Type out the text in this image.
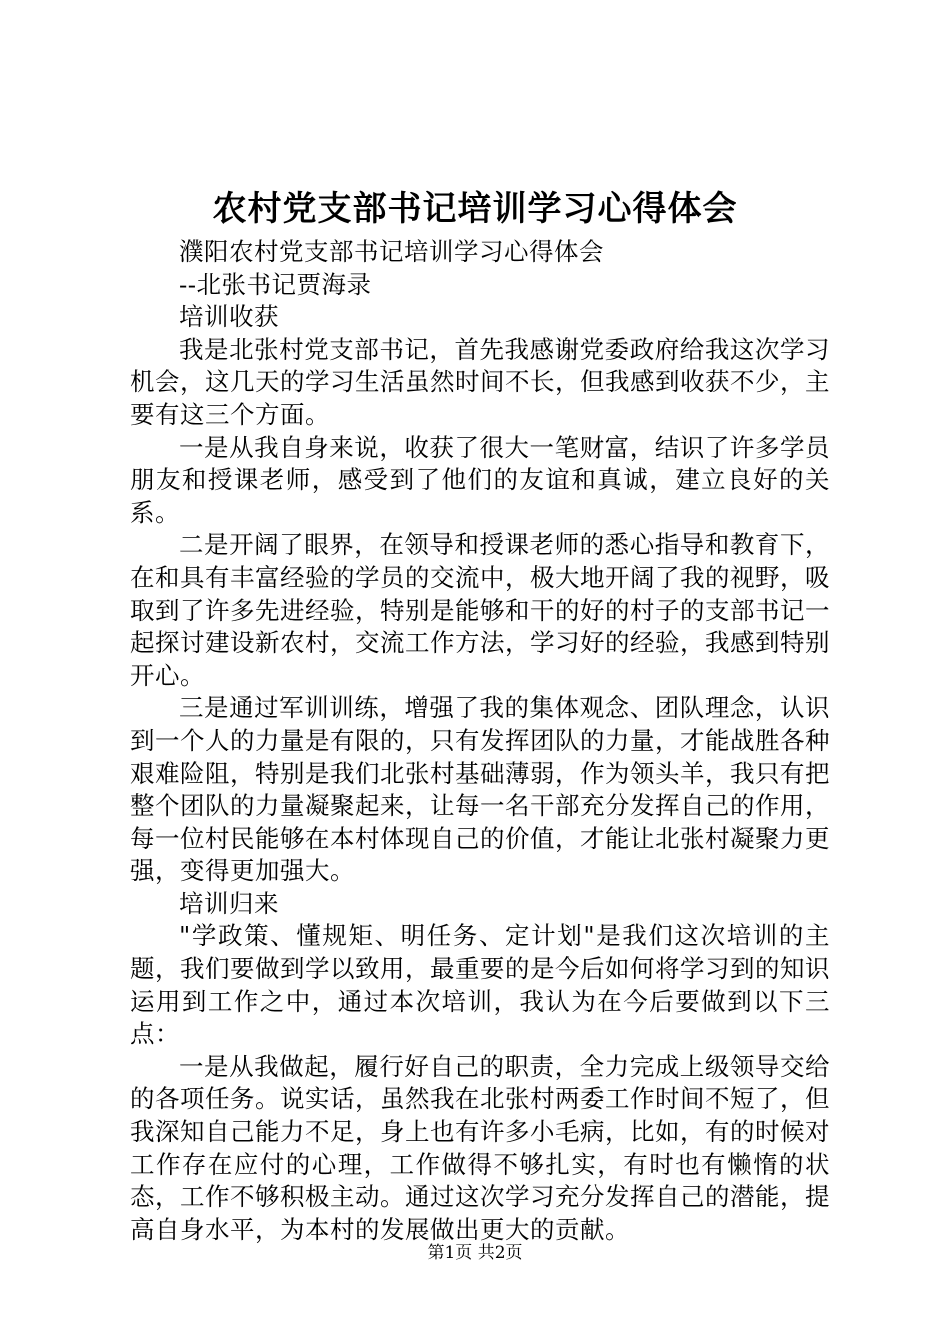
农村党支部书记培训学习心得体会

濮阳农村党支部书记培训学习心得体会

--北张书记贾海录

培训收获

我是北张村党支部书记，首先我感谢党委政府给我这次学习机会，这几天的学习生活虽然时间不长，但我感到收获不少，主要有这三个方面。

一是从我自身来说，收获了很大一笔财富，结识了许多学员朋友和授课老师，感受到了他们的友谊和真诚，建立良好的关系。

二是开阔了眼界，在领导和授课老师的悉心指导和教育下，在和具有丰富经验的学员的交流中，极大地开阔了我的视野，吸取到了许多先进经验，特别是能够和干的好的村子的支部书记一起探讨建设新农村，交流工作方法，学习好的经验，我感到特别开心。

三是通过军训训练，增强了我的集体观念、团队理念，认识到一个人的力量是有限的，只有发挥团队的力量，才能战胜各种艰难险阻，特别是我们北张村基础薄弱，作为领头羊，我只有把整个团队的力量凝聚起来，让每一名干部充分发挥自己的作用，每一位村民能够在本村体现自己的价值，才能让北张村凝聚力更强，变得更加强大。

培训归来

"学政策、懂规矩、明任务、定计划"是我们这次培训的主题，我们要做到学以致用，最重要的是今后如何将学习到的知识运用到工作之中，通过本次培训，我认为在今后要做到以下三点：

一是从我做起，履行好自己的职责，全力完成上级领导交给的各项任务。说实话，虽然我在北张村两委工作时间不短了，但我深知自己能力不足，身上也有许多小毛病，比如，有的时候对工作存在应付的心理，工作做得不够扎实，有时也有懒惰的状态，工作不够积极主动。通过这次学习充分发挥自己的潜能，提高自身水平，为本村的发展做出更大的贡献。

第1页 共2页
